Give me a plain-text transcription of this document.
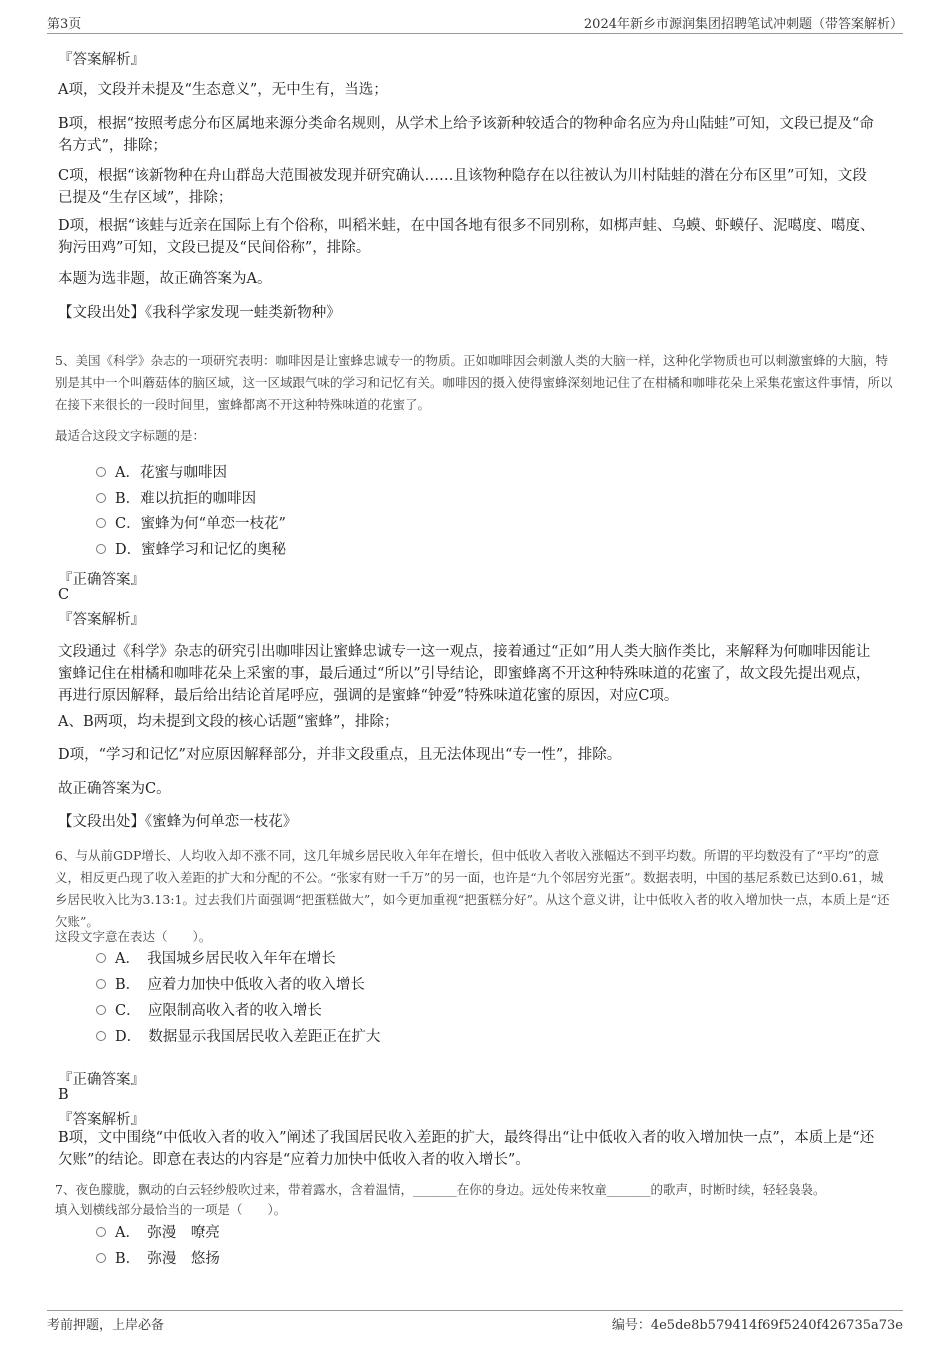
第3页	2024年新乡市源润集团招聘笔试冲刺题（带答案解析）
『答案解析』
A项，文段并未提及“生态意义”，无中生有，当选；
B项，根据“按照考虑分布区属地来源分类命名规则，从学术上给予该新种较适合的物种命名应为舟山陆蛙”可知，文段已提及“命名方式”，排除；
C项，根据“该新物种在舟山群岛大范围被发现并研究确认……且该物种隐存在以往被认为川村陆蛙的潜在分布区里”可知，文段已提及“生存区域”，排除；
D项，根据“该蛙与近亲在国际上有个俗称，叫稻米蛙，在中国各地有很多不同别称，如梆声蛙、乌蟆、虾蟆仔、泥噶度、噶度、狗污田鸡”可知，文段已提及“民间俗称”，排除。
本题为选非题，故正确答案为A。
【文段出处】《我科学家发现一蛙类新物种》
5、美国《科学》杂志的一项研究表明：咖啡因是让蜜蜂忠诚专一的物质。正如咖啡因会刺激人类的大脑一样，这种化学物质也可以刺激蜜蜂的大脑，特别是其中一个叫蘑菇体的脑区域，这一区域跟气味的学习和记忆有关。咖啡因的摄入使得蜜蜂深刻地记住了在柑橘和咖啡花朵上采集花蜜这件事情，所以在接下来很长的一段时间里，蜜蜂都离不开这种特殊味道的花蜜了。
最适合这段文字标题的是：
A．花蜜与咖啡因
B．难以抗拒的咖啡因
C．蜜蜂为何“单恋一枝花”
D．蜜蜂学习和记忆的奥秘
『正确答案』
C
『答案解析』
文段通过《科学》杂志的研究引出咖啡因让蜜蜂忠诚专一这一观点，接着通过“正如”用人类大脑作类比，来解释为何咖啡因能让蜜蜂记住在柑橘和咖啡花朵上采蜜的事，最后通过“所以”引导结论，即蜜蜂离不开这种特殊味道的花蜜了，故文段先提出观点，再进行原因解释，最后给出结论首尾呼应，强调的是蜜蜂“钟爱”特殊味道花蜜的原因，对应C项。
A、B两项，均未提到文段的核心话题“蜜蜂”，排除；
D项，“学习和记忆”对应原因解释部分，并非文段重点，且无法体现出“专一性”，排除。
故正确答案为C。
【文段出处】《蜜蜂为何单恋一枝花》
6、与从前GDP增长、人均收入却不涨不同，这几年城乡居民收入年年在增长，但中低收入者收入涨幅达不到平均数。所谓的平均数没有了“平均”的意义，相反更凸现了收入差距的扩大和分配的不公。“张家有财一千万”的另一面，也许是“九个邻居穷光蛋”。数据表明，中国的基尼系数已达到0.61，城乡居民收入比为3.13:1。过去我们片面强调“把蛋糕做大”，如今更加重视“把蛋糕分好”。从这个意义讲，让中低收入者的收入增加快一点，本质上是“还欠账”。
这段文字意在表达（　　）。
A．　我国城乡居民收入年年在增长
B．　应着力加快中低收入者的收入增长
C．　应限制高收入者的收入增长
D．　数据显示我国居民收入差距正在扩大
『正确答案』
B
『答案解析』
B项，文中围绕“中低收入者的收入”阐述了我国居民收入差距的扩大，最终得出“让中低收入者的收入增加快一点”，本质上是“还欠账”的结论。即意在表达的内容是“应着力加快中低收入者的收入增长”。
7、夜色朦胧，飘动的白云轻纱般吹过来，带着露水，含着温情，_______在你的身边。远处传来牧童_______的歌声，时断时续，轻轻袅袅。
填入划横线部分最恰当的一项是（　　）。
A．　弥漫　嘹亮
B．　弥漫　悠扬
考前押题，上岸必备	编号：4e5de8b579414f69f5240f426735a73e
